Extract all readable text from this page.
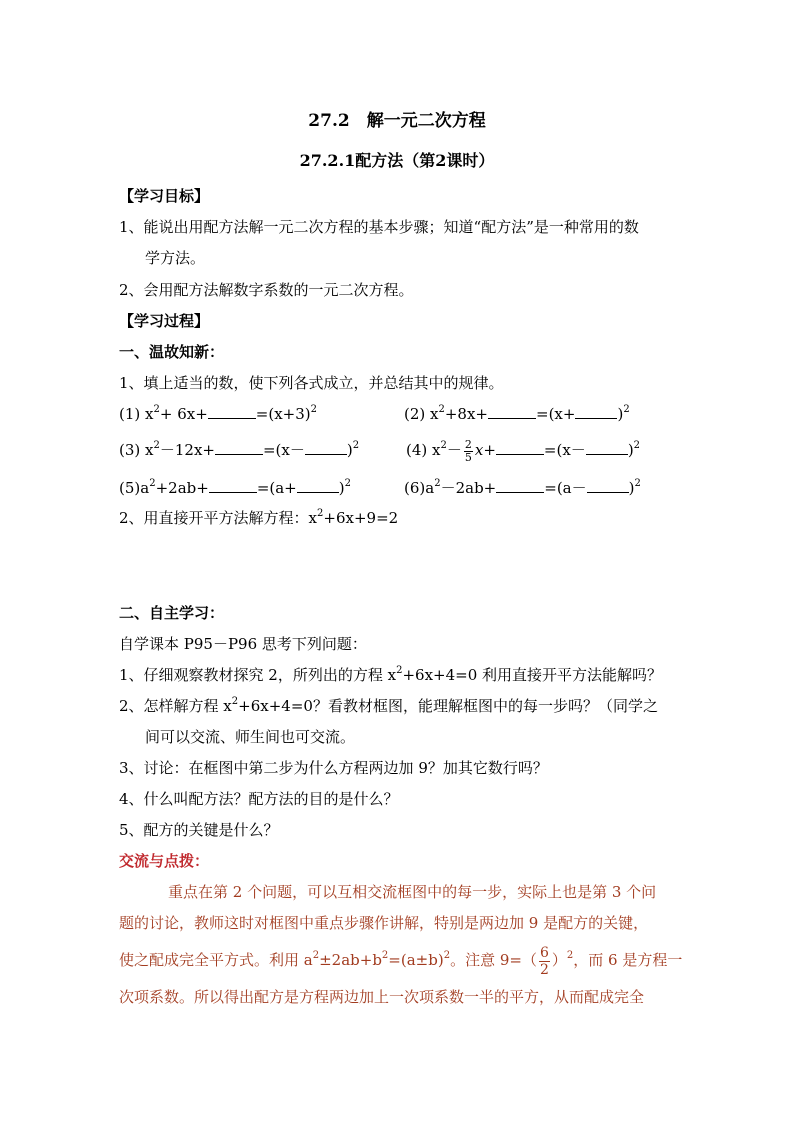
27.2　解一元二次方程
27.2.1配方法（第2课时）
【学习目标】
1、能说出用配方法解一元二次方程的基本步骤；知道“配方法”是一种常用的数
学方法。
2、会用配方法解数字系数的一元二次方程。
【学习过程】
一、温故知新：
1、填上适当的数，使下列各式成立，并总结其中的规律。
(1) $x^2+ 6x+$	$=(x+3)^2$	(2) $x^2+8x+$	=(x+	)$^2$
(3) $x^2-12x+$	=(x－	)$^2$	(4) $x^2- \frac{2}{5} x+$	=(x－	)$^2$
$(5)a^2+2ab+$	=(a+	)$^2$	$(6)a^2-2ab+$	=(a－	)$^2$
2、用直接开平方法解方程：$x^2+6x+9=2$
二、自主学习：
自学课本 P95－P96 思考下列问题：
1、仔细观察教材探究 2，所列出的方程 $x^2+6x+4=0$ 利用直接开平方法能解吗？
2、怎样解方程 $x^2+6x+4=0$？看教材框图，能理解框图中的每一步吗？（同学之
间可以交流、师生间也可交流。
3、讨论：在框图中第二步为什么方程两边加 9？加其它数行吗？
4、什么叫配方法？配方法的目的是什么？
5、配方的关键是什么？
交流与点拨：
重点在第 2 个问题，可以互相交流框图中的每一步，实际上也是第 3 个问
题的讨论，教师这时对框图中重点步骤作讲解，特别是两边加 9 是配方的关键，
使之配成完全平方式。利用 $a^2\pm 2ab+b^2=(a\pm b)^2$。注意 $9=( \frac{6}{2} )^2$，而 6 是方程一
次项系数。所以得出配方是方程两边加上一次项系数一半的平方，从而配成完全
